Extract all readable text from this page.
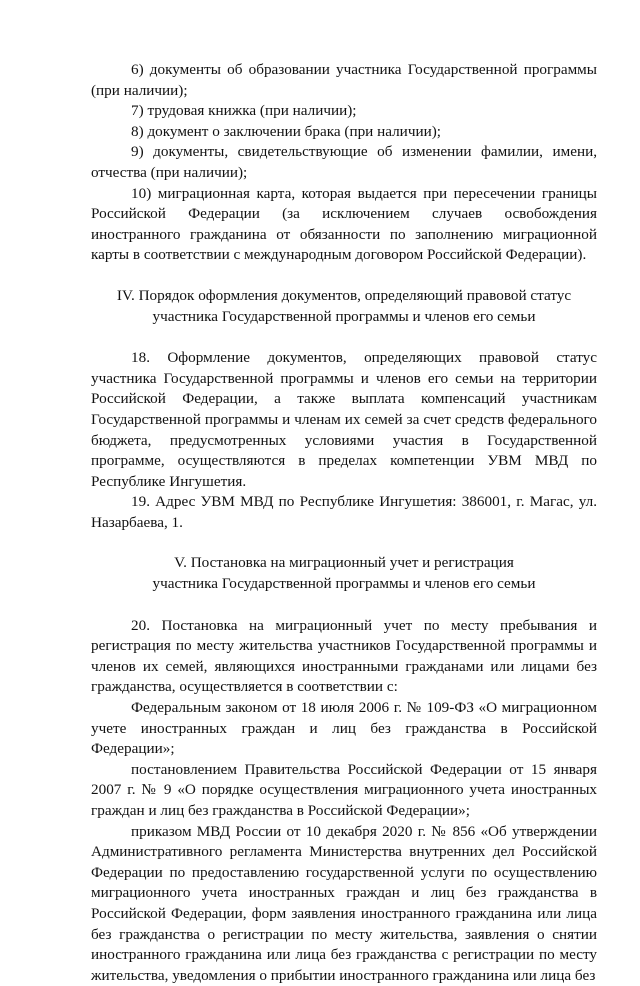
6) документы об образовании участника Государственной программы (при наличии);

7) трудовая книжка (при наличии);

8) документ о заключении брака (при наличии);

9) документы, свидетельствующие об изменении фамилии, имени, отчества (при наличии);

10) миграционная карта, которая выдается при пересечении границы Российской Федерации (за исключением случаев освобождения иностранного гражданина от обязанности по заполнению миграционной карты в соответствии с международным договором Российской Федерации).

IV. Порядок оформления документов, определяющий правовой статус
участника Государственной программы и членов его семьи

18. Оформление документов, определяющих правовой статус участника Государственной программы и членов его семьи на территории Российской Федерации, а также выплата компенсаций участникам Государственной программы и членам их семей за счет средств федерального бюджета, предусмотренных условиями участия в Государственной программе, осуществляются в пределах компетенции УВМ МВД по Республике Ингушетия.

19. Адрес УВМ МВД по Республике Ингушетия: 386001, г. Магас, ул. Назарбаева, 1.

V. Постановка на миграционный учет и регистрация
участника Государственной программы и членов его семьи

20. Постановка на миграционный учет по месту пребывания и регистрация по месту жительства участников Государственной программы и членов их семей, являющихся иностранными гражданами или лицами без гражданства, осуществляется в соответствии с:

Федеральным законом от 18 июля 2006 г. № 109-ФЗ «О миграционном учете иностранных граждан и лиц без гражданства в Российской Федерации»;

постановлением Правительства Российской Федерации от 15 января 2007 г. № 9 «О порядке осуществления миграционного учета иностранных граждан и лиц без гражданства в Российской Федерации»;

приказом МВД России от 10 декабря 2020 г. № 856 «Об утверждении Административного регламента Министерства внутренних дел Российской Федерации по предоставлению государственной услуги по осуществлению миграционного учета иностранных граждан и лиц без гражданства в Российской Федерации, форм заявления иностранного гражданина или лица без гражданства о регистрации по месту жительства, заявления о снятии иностранного гражданина или лица без гражданства с регистрации по месту жительства, уведомления о прибытии иностранного гражданина или лица без
